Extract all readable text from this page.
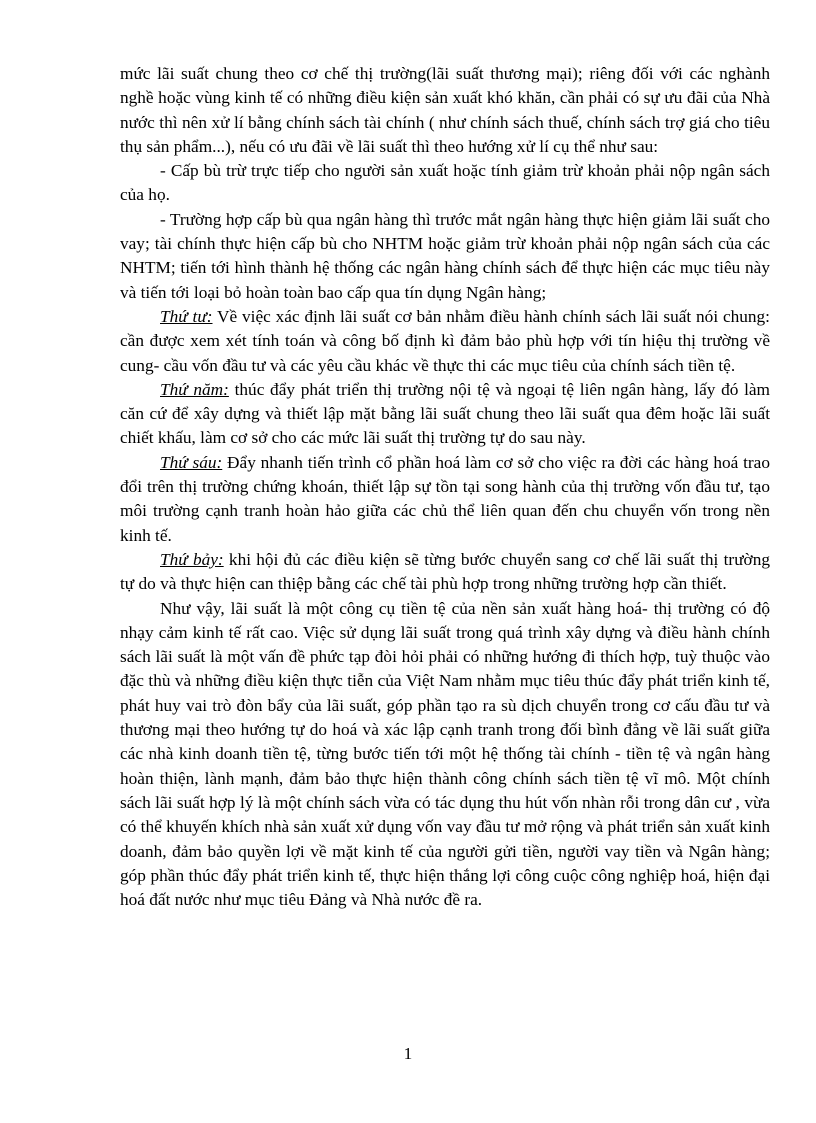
mức lãi suất chung theo cơ chế thị trường(lãi suất thương mại); riêng đối với các nghành nghề hoặc vùng kinh tế có những điều kiện sản xuất khó khăn, cần phải có sự ưu đãi của Nhà nước thì nên xử lí bằng chính sách tài chính ( như chính sách thuế, chính sách trợ giá cho tiêu thụ sản phẩm...), nếu có ưu đãi về lãi suất thì theo hướng xử lí cụ thể như sau:

- Cấp bù trừ trực tiếp cho người sản xuất hoặc tính giảm trừ khoản phải nộp ngân sách của họ.

- Trường hợp cấp bù qua ngân hàng thì trước mắt ngân hàng thực hiện giảm lãi suất cho vay; tài chính thực hiện cấp bù cho NHTM hoặc giảm trừ khoản phải nộp ngân sách của các NHTM; tiến tới hình thành hệ thống các ngân hàng chính sách để thực hiện các mục tiêu này và tiến tới loại bỏ hoàn toàn bao cấp qua tín dụng Ngân hàng;

Thứ tư: Về việc xác định lãi suất cơ bản nhằm điều hành chính sách lãi suất nói chung: cần được xem xét tính toán và công bố định kì đảm bảo phù hợp với tín hiệu thị trường về cung- cầu vốn đầu tư và các yêu cầu khác về thực thi các mục tiêu của chính sách tiền tệ.

Thứ năm: thúc đẩy phát triển thị trường nội tệ và ngoại tệ liên ngân hàng, lấy đó làm căn cứ để xây dựng và thiết lập mặt bằng lãi suất chung theo lãi suất qua đêm hoặc lãi suất chiết khấu, làm cơ sở cho các mức lãi suất thị trường tự do sau này.

Thứ sáu: Đẩy nhanh tiến trình cổ phần hoá làm cơ sở cho việc ra đời các hàng hoá trao đổi trên thị trường chứng khoán, thiết lập sự tồn tại song hành của thị trường vốn đầu tư, tạo môi trường cạnh tranh hoàn hảo giữa các chủ thể liên quan đến chu chuyển vốn trong nền kinh tế.

Thứ bảy: khi hội đủ các điều kiện sẽ từng bước chuyển sang cơ chế lãi suất thị trường tự do và thực hiện can thiệp bằng các chế tài phù hợp trong những trường hợp cần thiết.

Như vậy, lãi suất là một công cụ tiền tệ của nền sản xuất hàng hoá- thị trường có độ nhạy cảm kinh tế rất cao. Việc sử dụng lãi suất trong quá trình xây dựng và điều hành chính sách lãi suất là một vấn đề phức tạp đòi hỏi phải có những hướng đi thích hợp, tuỳ thuộc vào đặc thù và những điều kiện thực tiễn của Việt Nam nhằm mục tiêu thúc đẩy phát triển kinh tế, phát huy vai trò đòn bẩy của lãi suất, góp phần tạo ra sù dịch chuyển trong cơ cấu đầu tư và thương mại theo hướng tự do hoá và xác lập cạnh tranh trong đối bình đẳng về lãi suất giữa các nhà kinh doanh tiền tệ, từng bước tiến tới một hệ thống tài chính - tiền tệ và ngân hàng hoàn thiện, lành mạnh, đảm bảo thực hiện thành công chính sách tiền tệ vĩ mô. Một chính sách lãi suất hợp lý là một chính sách vừa có tác dụng thu hút vốn nhàn rỗi trong dân cư , vừa có thể khuyến khích nhà sản xuất xử dụng vốn vay đầu tư mở rộng và phát triển sản xuất kinh doanh, đảm bảo quyền lợi về mặt kinh tế của người gửi tiền, người vay tiền và Ngân hàng; góp phần thúc đẩy phát triển kinh tế, thực hiện thắng lợi công cuộc công nghiệp hoá, hiện đại hoá đất nước như mục tiêu Đảng và Nhà nước đề ra.

1
